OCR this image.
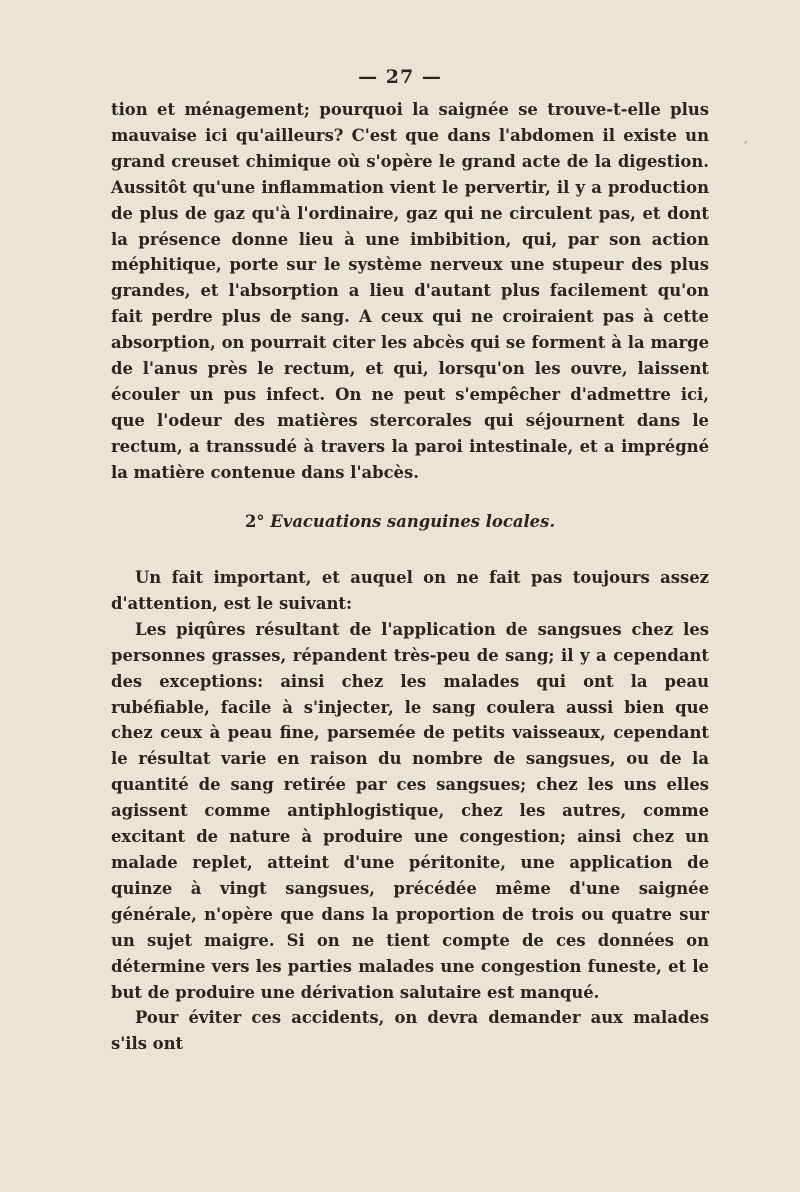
— 27 —
´

tion et ménagement; pourquoi la saignée se trouve-t-elle plus mauvaise ici qu'ailleurs? C'est que dans l'abdomen il existe un grand creuset chimique où s'opère le grand acte de la digestion. Aussitôt qu'une inflammation vient le pervertir, il y a production de plus de gaz qu'à l'ordinaire, gaz qui ne circulent pas, et dont la présence donne lieu à une imbibition, qui, par son action méphitique, porte sur le système nerveux une stupeur des plus grandes, et l'absorption a lieu d'autant plus facilement qu'on fait perdre plus de sang. A ceux qui ne croiraient pas à cette absorption, on pourrait citer les abcès qui se forment à la marge de l'anus près le rectum, et qui, lorsqu'on les ouvre, laissent écouler un pus infect. On ne peut s'empêcher d'admettre ici, que l'odeur des matières stercorales qui séjournent dans le rectum, a transsudé à travers la paroi intestinale, et a imprégné la matière contenue dans l'abcès.

2° Evacuations sanguines locales.

Un fait important, et auquel on ne fait pas toujours assez d'attention, est le suivant:

Les piqûres résultant de l'application de sangsues chez les personnes grasses, répandent très-peu de sang; il y a cependant des exceptions: ainsi chez les malades qui ont la peau rubéfiable, facile à s'injecter, le sang coulera aussi bien que chez ceux à peau fine, parsemée de petits vaisseaux, cependant le résultat varie en raison du nombre de sangsues, ou de la quantité de sang retirée par ces sangsues; chez les uns elles agissent comme antiphlogistique, chez les autres, comme excitant de nature à produire une congestion; ainsi chez un malade replet, atteint d'une péritonite, une application de quinze à vingt sangsues, précédée même d'une saignée générale, n'opère que dans la proportion de trois ou quatre sur un sujet maigre. Si on ne tient compte de ces données on détermine vers les parties malades une congestion funeste, et le but de produire une dérivation salutaire est manqué.

Pour éviter ces accidents, on devra demander aux malades s'ils ont
